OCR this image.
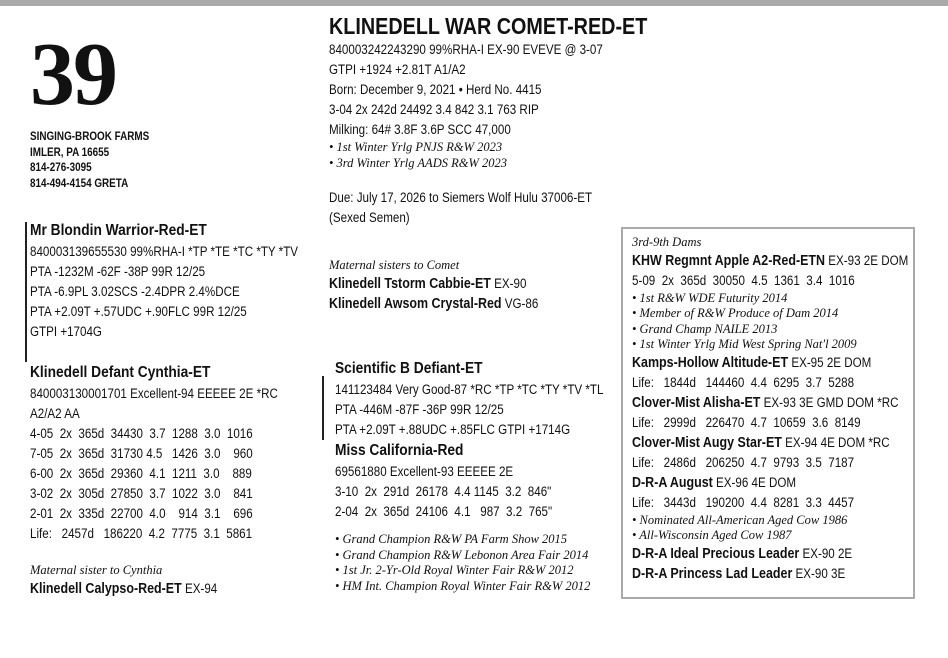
39
SINGING-BROOK FARMS
IMLER, PA 16655
814-276-3095
814-494-4154 GRETA
KLINEDELL WAR COMET-RED-ET
840003242243290 99%RHA-I EX-90 EVEVE @ 3-07
GTPI +1924 +2.81T A1/A2
Born: December 9, 2021 • Herd No. 4415
3-04 2x 242d 24492 3.4 842 3.1 763 RIP
Milking: 64# 3.8F 3.6P SCC 47,000
• 1st Winter Yrlg PNJS R&W 2023
• 3rd Winter Yrlg AADS R&W 2023
Due: July 17, 2026 to Siemers Wolf Hulu 37006-ET
(Sexed Semen)
Maternal sisters to Comet
Klinedell Tstorm Cabbie-ET EX-90
Klinedell Awsom Crystal-Red VG-86
Mr Blondin Warrior-Red-ET
840003139655530 99%RHA-I *TP *TE *TC *TY *TV
PTA -1232M -62F -38P 99R 12/25
PTA -6.9PL 3.02SCS -2.4DPR 2.4%DCE
PTA +2.09T +.57UDC +.90FLC 99R 12/25
GTPI +1704G
Klinedell Defant Cynthia-ET
840003130001701 Excellent-94 EEEEE 2E *RC
A2/A2 AA
4-05  2x  365d  34430  3.7  1288  3.0  1016
7-05  2x  365d  31730 4.5   1426  3.0    960
6-00  2x  365d  29360  4.1  1211  3.0    889
3-02  2x  305d  27850  3.7  1022  3.0    841
2-01  2x  335d  22700  4.0    914  3.1    696
Life:   2457d   186220  4.2  7775  3.1  5861
Maternal sister to Cynthia
Klinedell Calypso-Red-ET EX-94
Scientific B Defiant-ET
141123484 Very Good-87 *RC *TP *TC *TY *TV *TL
PTA -446M -87F -36P 99R 12/25
PTA +2.09T +.88UDC +.85FLC GTPI +1714G
Miss California-Red
69561880 Excellent-93 EEEEE 2E
3-10  2x  291d  26178  4.4 1145  3.2  846"
2-04  2x  365d  24106  4.1   987  3.2  765"
• Grand Champion R&W PA Farm Show 2015
• Grand Champion R&W Lebonon Area Fair 2014
• 1st Jr. 2-Yr-Old Royal Winter Fair R&W 2012
• HM Int. Champion Royal Winter Fair R&W 2012
3rd-9th Dams
KHW Regmnt Apple A2-Red-ETN EX-93 2E DOM
5-09  2x  365d  30050  4.5  1361  3.4  1016
• 1st R&W WDE Futurity 2014
• Member of R&W Produce of Dam 2014
• Grand Champ NAILE 2013
• 1st Winter Yrlg Mid West Spring Nat'l 2009
Kamps-Hollow Altitude-ET EX-95 2E DOM
Life:   1844d   144460  4.4  6295  3.7  5288
Clover-Mist Alisha-ET EX-93 3E GMD DOM *RC
Life:   2999d   226470  4.7  10659  3.6  8149
Clover-Mist Augy Star-ET EX-94 4E DOM *RC
Life:   2486d   206250  4.7  9793  3.5  7187
D-R-A August EX-96 4E DOM
Life:   3443d   190200  4.4  8281  3.3  4457
• Nominated All-American Aged Cow 1986
• All-Wisconsin Aged Cow 1987
D-R-A Ideal Precious Leader EX-90 2E
D-R-A Princess Lad Leader EX-90 3E
